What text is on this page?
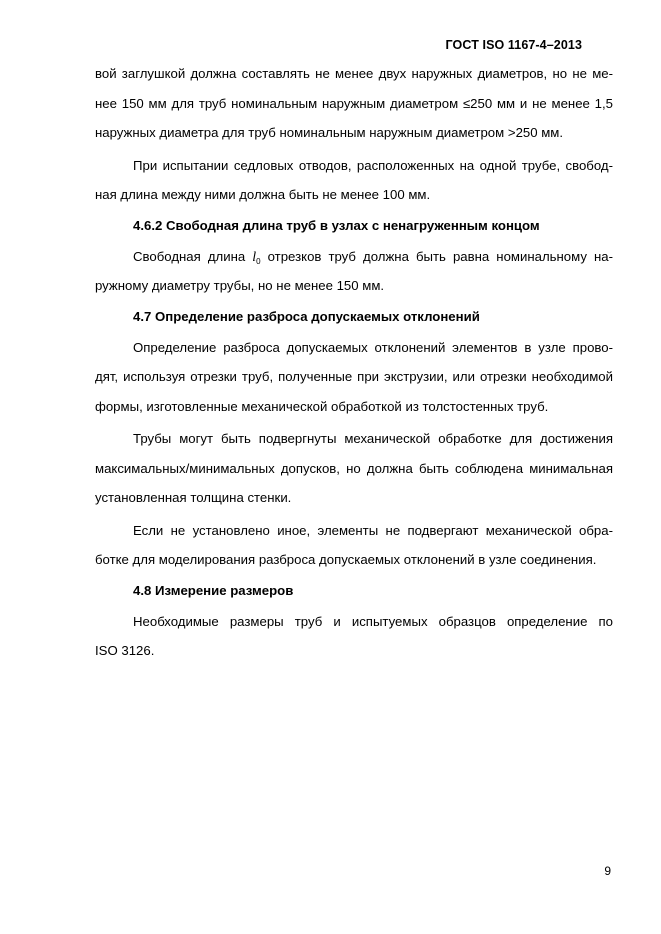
ГОСТ ISO 1167-4–2013
вой заглушкой должна составлять не менее двух наружных диаметров, но не ме-
нее 150 мм для труб номинальным наружным диаметром ≤250 мм и не менее 1,5
наружных диаметра для труб номинальным наружным диаметром >250 мм.
При испытании седловых отводов, расположенных на одной трубе, свобод-
ная длина между ними должна быть не менее 100 мм.
4.6.2 Свободная длина труб в узлах с ненагруженным концом
Свободная длина $l_0$ отрезков труб должна быть равна номинальному на-
ружному диаметру трубы, но не менее 150 мм.
4.7 Определение разброса допускаемых отклонений
Определение разброса допускаемых отклонений элементов в узле прово-
дят, используя отрезки труб, полученные при экструзии, или отрезки необходимой
формы, изготовленные механической обработкой из толстостенных труб.
Трубы могут быть подвергнуты механической обработке для достижения
максимальных/минимальных допусков, но должна быть соблюдена минимальная
установленная толщина стенки.
Если не установлено иное, элементы не подвергают механической обра-
ботке для моделирования разброса допускаемых отклонений в узле соединения.
4.8 Измерение размеров
Необходимые размеры труб и испытуемых образцов определение по
ISO 3126.
9
